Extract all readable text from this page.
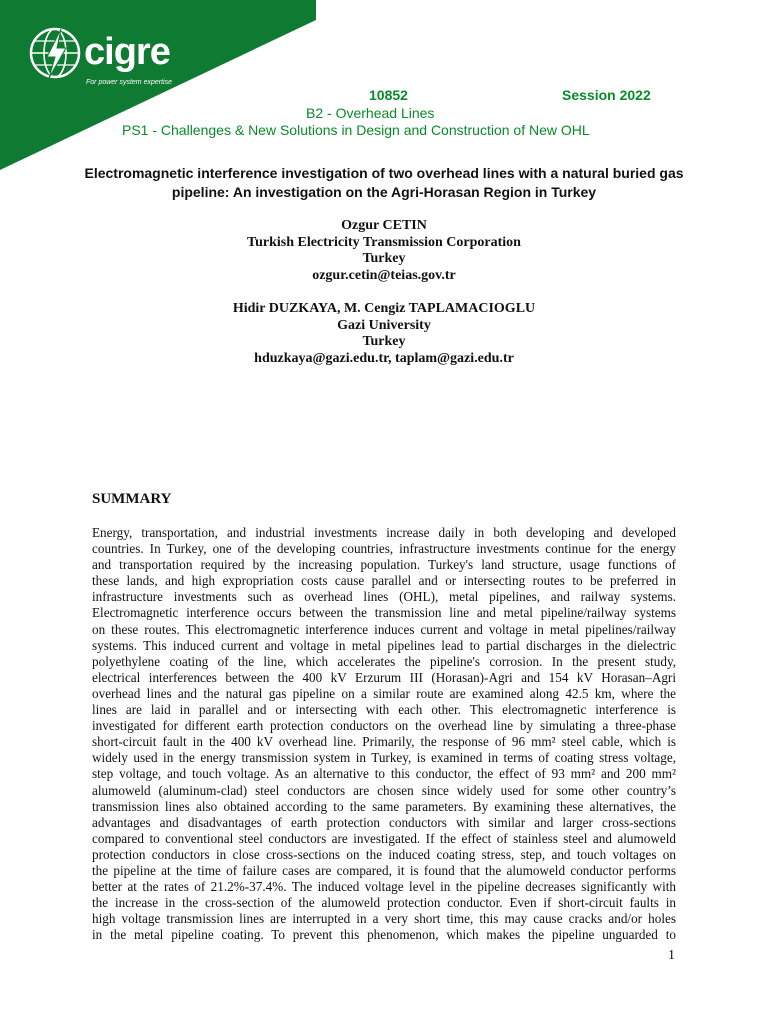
cigre
For power system expertise
10852	Session 2022
B2 - Overhead Lines
PS1 - Challenges & New Solutions in Design and Construction of New OHL
Electromagnetic interference investigation of two overhead lines with a natural buried gas pipeline: An investigation on the Agri-Horasan Region in Turkey
Ozgur CETIN
Turkish Electricity Transmission Corporation
Turkey
ozgur.cetin@teias.gov.tr
Hidir DUZKAYA, M. Cengiz TAPLAMACIOGLU
Gazi University
Turkey
hduzkaya@gazi.edu.tr, taplam@gazi.edu.tr
SUMMARY
Energy, transportation, and industrial investments increase daily in both developing and developed
countries. In Turkey, one of the developing countries, infrastructure investments continue for the energy
and transportation required by the increasing population. Turkey's land structure, usage functions of
these lands, and high expropriation costs cause parallel and or intersecting routes to be preferred in
infrastructure investments such as overhead lines (OHL), metal pipelines, and railway systems.
Electromagnetic interference occurs between the transmission line and metal pipeline/railway systems
on these routes. This electromagnetic interference induces current and voltage in metal pipelines/railway
systems. This induced current and voltage in metal pipelines lead to partial discharges in the dielectric
polyethylene coating of the line, which accelerates the pipeline's corrosion. In the present study,
electrical interferences between the 400 kV Erzurum III (Horasan)-Agri and 154 kV Horasan–Agri
overhead lines and the natural gas pipeline on a similar route are examined along 42.5 km, where the
lines are laid in parallel and or intersecting with each other. This electromagnetic interference is
investigated for different earth protection conductors on the overhead line by simulating a three-phase
short-circuit fault in the 400 kV overhead line. Primarily, the response of 96 mm² steel cable, which is
widely used in the energy transmission system in Turkey, is examined in terms of coating stress voltage,
step voltage, and touch voltage. As an alternative to this conductor, the effect of 93 mm² and 200 mm²
alumoweld (aluminum-clad) steel conductors are chosen since widely used for some other country’s
transmission lines also obtained according to the same parameters. By examining these alternatives, the
advantages and disadvantages of earth protection conductors with similar and larger cross-sections
compared to conventional steel conductors are investigated. If the effect of stainless steel and alumoweld
protection conductors in close cross-sections on the induced coating stress, step, and touch voltages on
the pipeline at the time of failure cases are compared, it is found that the alumoweld conductor performs
better at the rates of 21.2%-37.4%. The induced voltage level in the pipeline decreases significantly with
the increase in the cross-section of the alumoweld protection conductor. Even if short-circuit faults in
high voltage transmission lines are interrupted in a very short time, this may cause cracks and/or holes
in the metal pipeline coating. To prevent this phenomenon, which makes the pipeline unguarded to
1
